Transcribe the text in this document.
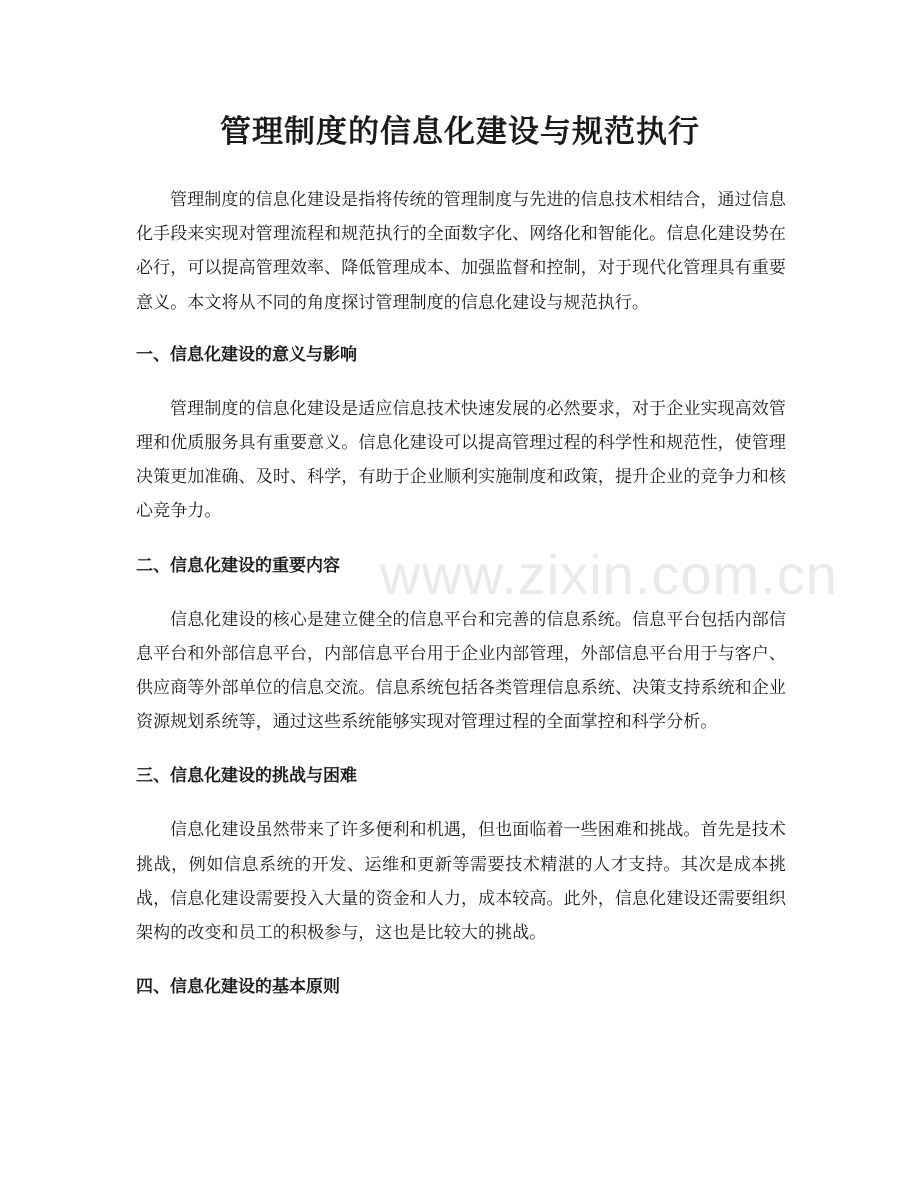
管理制度的信息化建设与规范执行

管理制度的信息化建设是指将传统的管理制度与先进的信息技术相结合，通过信息化手段来实现对管理流程和规范执行的全面数字化、网络化和智能化。信息化建设势在必行，可以提高管理效率、降低管理成本、加强监督和控制，对于现代化管理具有重要意义。本文将从不同的角度探讨管理制度的信息化建设与规范执行。

一、信息化建设的意义与影响

管理制度的信息化建设是适应信息技术快速发展的必然要求，对于企业实现高效管理和优质服务具有重要意义。信息化建设可以提高管理过程的科学性和规范性，使管理决策更加准确、及时、科学，有助于企业顺利实施制度和政策，提升企业的竞争力和核心竞争力。

二、信息化建设的重要内容

信息化建设的核心是建立健全的信息平台和完善的信息系统。信息平台包括内部信息平台和外部信息平台，内部信息平台用于企业内部管理，外部信息平台用于与客户、供应商等外部单位的信息交流。信息系统包括各类管理信息系统、决策支持系统和企业资源规划系统等，通过这些系统能够实现对管理过程的全面掌控和科学分析。

三、信息化建设的挑战与困难

信息化建设虽然带来了许多便利和机遇，但也面临着一些困难和挑战。首先是技术挑战，例如信息系统的开发、运维和更新等需要技术精湛的人才支持。其次是成本挑战，信息化建设需要投入大量的资金和人力，成本较高。此外，信息化建设还需要组织架构的改变和员工的积极参与，这也是比较大的挑战。

四、信息化建设的基本原则
www.zixin.com.cn
